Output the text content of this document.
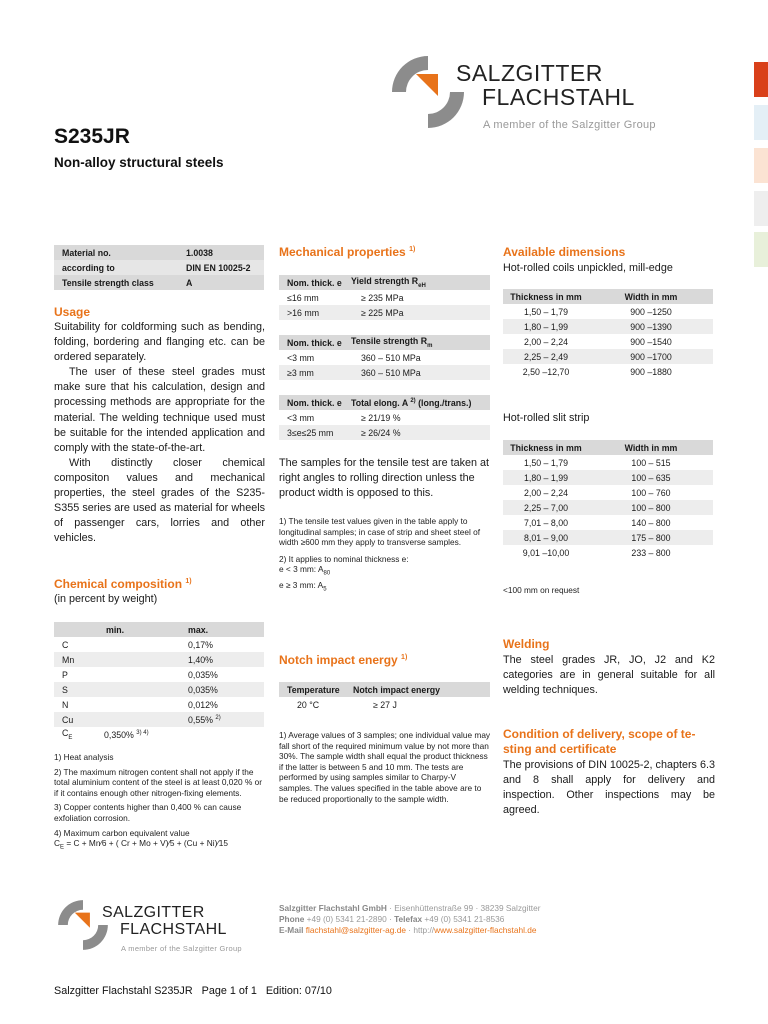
SALZGITTER
FLACHSTAHL
A member of the Salzgitter Group
S235JR
Non-alloy structural steels
Material no.	1.0038
according to	DIN EN 10025-2
Tensile strength class	A
Usage

Suitability for coldforming such as bending, folding, bordering and flanging etc. can be ordered separately.

The user of these steel grades must make sure that his calculation, design and processing methods are appropriate for the material. The welding technique used must be suitable for the intended application and comply with the state-of-the-art.

With distinctly closer chemical compositon values and mechanical properties, the steel grades of the S235-S355 series are used as material for wheels of passenger cars, lorries and other vehicles.

Chemical composition $^{1)}$
(in percent by weight)
	min.	max.
C		0,17%
Mn		1,40%
P		0,035%
S		0,035%
N		0,012%
Cu		0,55% $^{2)}$
$C_E$	0,350% $^{3) 4)}$

1) Heat analysis

2) The maximum nitrogen content shall not apply if the total aluminium content of the steel is at least 0,020 % or if it contains enough other nitrogen-fixing elements.

3) Copper contents higher than 0,400 % can cause exfoliation corrosion.

4) Maximum carbon equivalent value

$C_E = C$ + Mn⁄6 + ( Cr + Mo + V)⁄5 + (Cu + Ni)⁄15

Mechanical properties $^{1)}$
Nom. thick. e	Yield strength $R_{eH}$
≤16 mm	≥ 235 MPa
>16 mm	≥ 225 MPa
Nom. thick. e	Tensile strength $R_m$
<3 mm	360 – 510 MPa
≥3 mm	360 – 510 MPa
Nom. thick. e	Total elong. A $^{2)}$ (long./trans.)
<3 mm	≥ 21/19 %
3≤e≤25 mm	≥ 26/24 %
The samples for the tensile test are taken at right angles to rolling direction unless the product width is opposed to this.

1) The tensile test values given in the table apply to longitudinal samples; in case of strip and sheet steel of width ≥600 mm they apply to transverse samples.

2) It applies to nominal thickness e:

e < 3 mm: $A_{80}$

e ≥ 3 mm: $A_5$

Notch impact energy $^{1)}$
Temperature	Notch impact energy
20 °C	≥ 27 J
1) Average values of 3 samples; one individual value may fall short of the required minimum value by not more than 30%. The sample width shall equal the product thickness if the latter is between 5 and 10 mm. The tests are performed by using samples similar to Charpy-V samples. The values specified in the table above are to be reduced proportionally to the sample width.
Available dimensions
Hot-rolled coils unpickled, mill-edge
Thickness in mm	Width in mm
1,50 – 1,79	900 –1250
1,80 – 1,99	900 –1390
2,00 – 2,24	900 –1540
2,25 – 2,49	900 –1700
2,50 –12,70	900 –1880
Hot-rolled slit strip
Thickness in mm	Width in mm
1,50 – 1,79	100 – 515
1,80 – 1,99	100 – 635
2,00 – 2,24	100 – 760
2,25 – 7,00	100 – 800
7,01 – 8,00	140 – 800
8,01 – 9,00	175 – 800
9,01 –10,00	233 – 800
<100 mm on request
Welding
The steel grades JR, JO, J2 and K2 categories are in general suitable for all welding techniques.
Condition of delivery, scope of te-
sting and certificate
The provisions of DIN 10025-2, chapters 6.3 and 8 shall apply for delivery and inspection. Other inspections may be agreed.
SALZGITTER
FLACHSTAHL
A member of the Salzgitter Group
Salzgitter Flachstahl GmbH · Eisenhüttenstraße 99 · 38239 Salzgitter
Phone +49 (0) 5341 21-2890 · Telefax +49 (0) 5341 21-8536
E-Mail flachstahl@salzgitter-ag.de · http://www.salzgitter-flachstahl.de
Salzgitter Flachstahl S235JR   Page 1 of 1   Edition: 07/10
